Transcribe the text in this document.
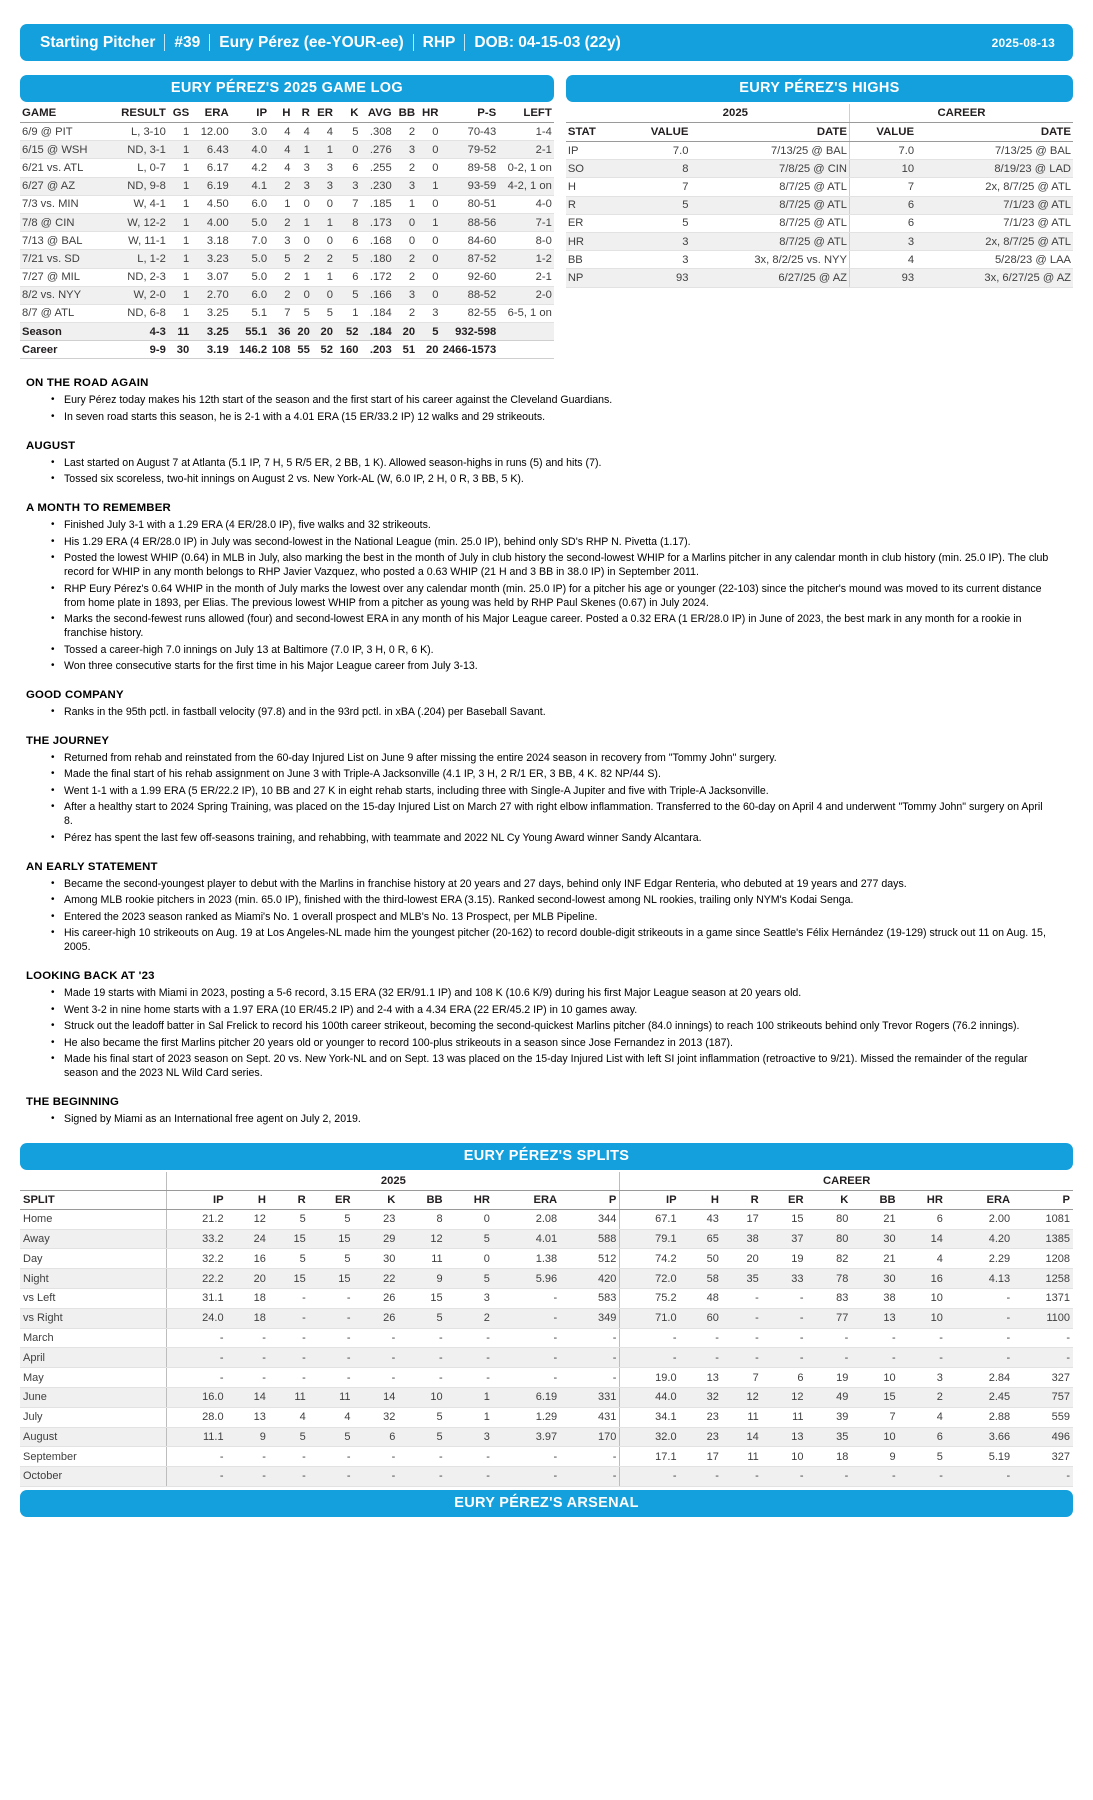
Starting Pitcher	#39	Eury Pérez (ee-YOUR-ee)	RHP	DOB: 04-15-03 (22y)	2025-08-13
EURY PÉREZ'S 2025 GAME LOG
GAME	RESULT	GS	ERA	IP	H	R	ER	K	AVG	BB	HR	P-S	LEFT
6/9 @ PIT	L, 3-10	1	12.00	3.0	4	4	4	5	.308	2	0	70-43	1-4
6/15 @ WSH	ND, 3-1	1	6.43	4.0	4	1	1	0	.276	3	0	79-52	2-1
6/21 vs. ATL	L, 0-7	1	6.17	4.2	4	3	3	6	.255	2	0	89-58	0-2, 1 on
6/27 @ AZ	ND, 9-8	1	6.19	4.1	2	3	3	3	.230	3	1	93-59	4-2, 1 on
7/3 vs. MIN	W, 4-1	1	4.50	6.0	1	0	0	7	.185	1	0	80-51	4-0
7/8 @ CIN	W, 12-2	1	4.00	5.0	2	1	1	8	.173	0	1	88-56	7-1
7/13 @ BAL	W, 11-1	1	3.18	7.0	3	0	0	6	.168	0	0	84-60	8-0
7/21 vs. SD	L, 1-2	1	3.23	5.0	5	2	2	5	.180	2	0	87-52	1-2
7/27 @ MIL	ND, 2-3	1	3.07	5.0	2	1	1	6	.172	2	0	92-60	2-1
8/2 vs. NYY	W, 2-0	1	2.70	6.0	2	0	0	5	.166	3	0	88-52	2-0
8/7 @ ATL	ND, 6-8	1	3.25	5.1	7	5	5	1	.184	2	3	82-55	6-5, 1 on
Season	4-3	11	3.25	55.1	36	20	20	52	.184	20	5	932-598	
Career	9-9	30	3.19	146.2	108	55	52	160	.203	51	20	2466-1573	
EURY PÉREZ'S HIGHS
	2025		CAREER	
STAT	VALUE	DATE	VALUE	DATE
IP	7.0	7/13/25 @ BAL	7.0	7/13/25 @ BAL
SO	8	7/8/25 @ CIN	10	8/19/23 @ LAD
H	7	8/7/25 @ ATL	7	2x, 8/7/25 @ ATL
R	5	8/7/25 @ ATL	6	7/1/23 @ ATL
ER	5	8/7/25 @ ATL	6	7/1/23 @ ATL
HR	3	8/7/25 @ ATL	3	2x, 8/7/25 @ ATL
BB	3	3x, 8/2/25 vs. NYY	4	5/28/23 @ LAA
NP	93	6/27/25 @ AZ	93	3x, 6/27/25 @ AZ
ON THE ROAD AGAIN
• Eury Pérez today makes his 12th start of the season and the first start of his career against the Cleveland Guardians.
• In seven road starts this season, he is 2-1 with a 4.01 ERA (15 ER/33.2 IP) 12 walks and 29 strikeouts.
AUGUST
• Last started on August 7 at Atlanta (5.1 IP, 7 H, 5 R/5 ER, 2 BB, 1 K). Allowed season-highs in runs (5) and hits (7).
• Tossed six scoreless, two-hit innings on August 2 vs. New York-AL (W, 6.0 IP, 2 H, 0 R, 3 BB, 5 K).
A MONTH TO REMEMBER
• Finished July 3-1 with a 1.29 ERA (4 ER/28.0 IP), five walks and 32 strikeouts.
• His 1.29 ERA (4 ER/28.0 IP) in July was second-lowest in the National League (min. 25.0 IP), behind only SD's RHP N. Pivetta (1.17).
• Posted the lowest WHIP (0.64) in MLB in July, also marking the best in the month of July in club history the second-lowest WHIP for a Marlins pitcher in any calendar month in club history (min. 25.0 IP). The club record for WHIP in any month belongs to RHP Javier Vazquez, who posted a 0.63 WHIP (21 H and 3 BB in 38.0 IP) in September 2011.
• RHP Eury Pérez's 0.64 WHIP in the month of July marks the lowest over any calendar month (min. 25.0 IP) for a pitcher his age or younger (22-103) since the pitcher's mound was moved to its current distance from home plate in 1893, per Elias. The previous lowest WHIP from a pitcher as young was held by RHP Paul Skenes (0.67) in July 2024.
• Marks the second-fewest runs allowed (four) and second-lowest ERA in any month of his Major League career. Posted a 0.32 ERA (1 ER/28.0 IP) in June of 2023, the best mark in any month for a rookie in franchise history.
• Tossed a career-high 7.0 innings on July 13 at Baltimore (7.0 IP, 3 H, 0 R, 6 K).
• Won three consecutive starts for the first time in his Major League career from July 3-13.
GOOD COMPANY
• Ranks in the 95th pctl. in fastball velocity (97.8) and in the 93rd pctl. in xBA (.204) per Baseball Savant.
THE JOURNEY
• Returned from rehab and reinstated from the 60-day Injured List on June 9 after missing the entire 2024 season in recovery from "Tommy John" surgery.
• Made the final start of his rehab assignment on June 3 with Triple-A Jacksonville (4.1 IP, 3 H, 2 R/1 ER, 3 BB, 4 K. 82 NP/44 S).
• Went 1-1 with a 1.99 ERA (5 ER/22.2 IP), 10 BB and 27 K in eight rehab starts, including three with Single-A Jupiter and five with Triple-A Jacksonville.
• After a healthy start to 2024 Spring Training, was placed on the 15-day Injured List on March 27 with right elbow inflammation. Transferred to the 60-day on April 4 and underwent "Tommy John" surgery on April 8.
• Pérez has spent the last few off-seasons training, and rehabbing, with teammate and 2022 NL Cy Young Award winner Sandy Alcantara.
AN EARLY STATEMENT
• Became the second-youngest player to debut with the Marlins in franchise history at 20 years and 27 days, behind only INF Edgar Renteria, who debuted at 19 years and 277 days.
• Among MLB rookie pitchers in 2023 (min. 65.0 IP), finished with the third-lowest ERA (3.15). Ranked second-lowest among NL rookies, trailing only NYM's Kodai Senga.
• Entered the 2023 season ranked as Miami's No. 1 overall prospect and MLB's No. 13 Prospect, per MLB Pipeline.
• His career-high 10 strikeouts on Aug. 19 at Los Angeles-NL made him the youngest pitcher (20-162) to record double-digit strikeouts in a game since Seattle's Félix Hernández (19-129) struck out 11 on Aug. 15, 2005.
LOOKING BACK AT '23
• Made 19 starts with Miami in 2023, posting a 5-6 record, 3.15 ERA (32 ER/91.1 IP) and 108 K (10.6 K/9) during his first Major League season at 20 years old.
• Went 3-2 in nine home starts with a 1.97 ERA (10 ER/45.2 IP) and 2-4 with a 4.34 ERA (22 ER/45.2 IP) in 10 games away.
• Struck out the leadoff batter in Sal Frelick to record his 100th career strikeout, becoming the second-quickest Marlins pitcher (84.0 innings) to reach 100 strikeouts behind only Trevor Rogers (76.2 innings).
• He also became the first Marlins pitcher 20 years old or younger to record 100-plus strikeouts in a season since Jose Fernandez in 2013 (187).
• Made his final start of 2023 season on Sept. 20 vs. New York-NL and on Sept. 13 was placed on the 15-day Injured List with left SI joint inflammation (retroactive to 9/21). Missed the remainder of the regular season and the 2023 NL Wild Card series.
THE BEGINNING
• Signed by Miami as an International free agent on July 2, 2019.
EURY PÉREZ'S SPLITS
	2025									CAREER								
SPLIT	IP	H	R	ER	K	BB	HR	ERA	P	IP	H	R	ER	K	BB	HR	ERA	P
Home	21.2	12	5	5	23	8	0	2.08	344	67.1	43	17	15	80	21	6	2.00	1081
Away	33.2	24	15	15	29	12	5	4.01	588	79.1	65	38	37	80	30	14	4.20	1385
Day	32.2	16	5	5	30	11	0	1.38	512	74.2	50	20	19	82	21	4	2.29	1208
Night	22.2	20	15	15	22	9	5	5.96	420	72.0	58	35	33	78	30	16	4.13	1258
vs Left	31.1	18	-	-	26	15	3	-	583	75.2	48	-	-	83	38	10	-	1371
vs Right	24.0	18	-	-	26	5	2	-	349	71.0	60	-	-	77	13	10	-	1100
March	-	-	-	-	-	-	-	-	-	-	-	-	-	-	-	-	-	-
April	-	-	-	-	-	-	-	-	-	-	-	-	-	-	-	-	-	-
May	-	-	-	-	-	-	-	-	-	19.0	13	7	6	19	10	3	2.84	327
June	16.0	14	11	11	14	10	1	6.19	331	44.0	32	12	12	49	15	2	2.45	757
July	28.0	13	4	4	32	5	1	1.29	431	34.1	23	11	11	39	7	4	2.88	559
August	11.1	9	5	5	6	5	3	3.97	170	32.0	23	14	13	35	10	6	3.66	496
September	-	-	-	-	-	-	-	-	-	17.1	17	11	10	18	9	5	5.19	327
October	-	-	-	-	-	-	-	-	-	-	-	-	-	-	-	-	-	-
EURY PÉREZ'S ARSENAL
